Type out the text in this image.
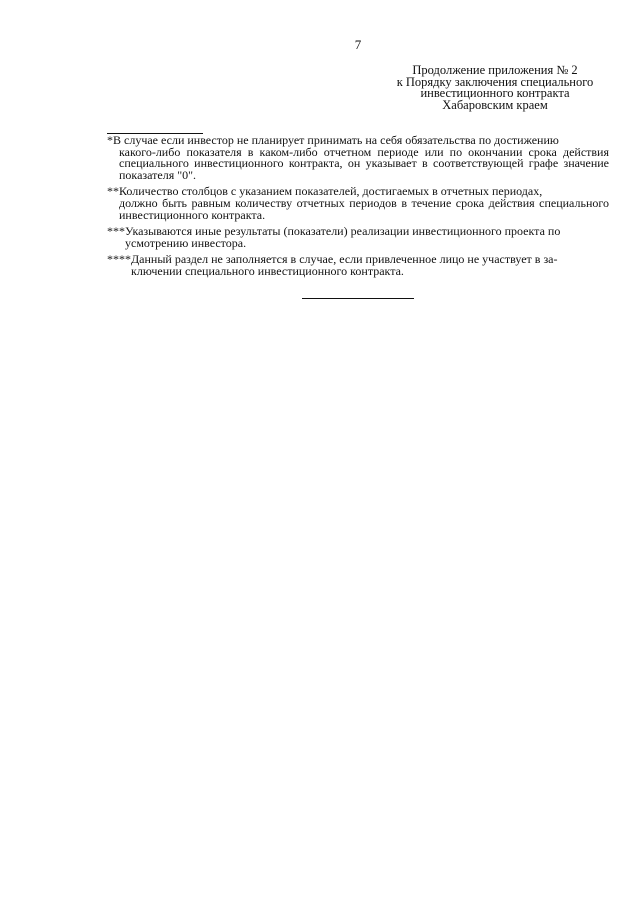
7
Продолжение приложения № 2
к Порядку заключения специального
инвестиционного контракта
Хабаровским краем
*В случае если инвестор не планирует принимать на себя обязательства по достижению
какого-либо показателя в каком-либо отчетном периоде или по окончании срока действия специального инвестиционного контракта, он указывает в соответствующей графе значение показателя "0".
**Количество столбцов с указанием показателей, достигаемых в отчетных периодах,
должно быть равным количеству отчетных периодов в течение срока действия специального инвестиционного контракта.
***Указываются иные результаты (показатели) реализации инвестиционного проекта по
усмотрению инвестора.
****Данный раздел не заполняется в случае, если привлеченное лицо не участвует в за-
ключении специального инвестиционного контракта.
